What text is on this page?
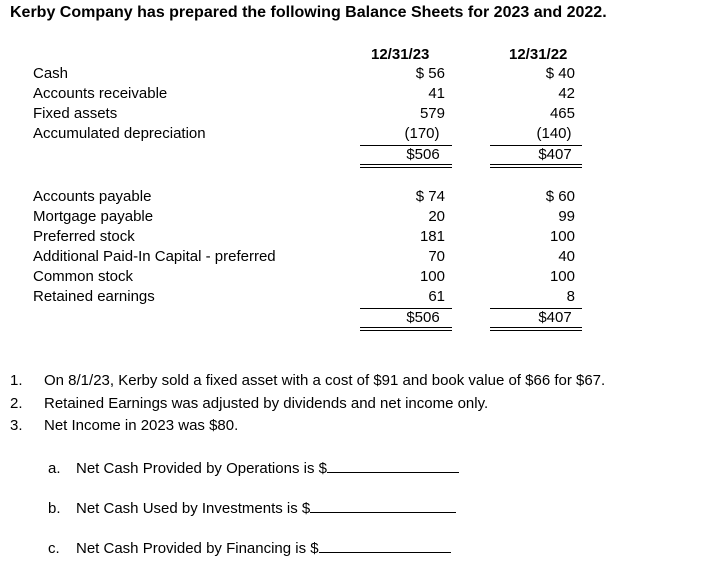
Kerby Company has prepared the following Balance Sheets for 2023 and 2022.
12/31/23	12/31/22
Cash
Accounts receivable
Fixed assets
Accumulated depreciation
$ 56
41
579
(170)
$506
$ 40
42
465
(140)
$407
Accounts payable
Mortgage payable
Preferred stock
Additional Paid-In Capital - preferred
Common stock
Retained earnings
$ 74
20
181
70
100
61
$506
$ 60
99
100
40
100
8
$407
1. On 8/1/23, Kerby sold a fixed asset with a cost of $91 and book value of $66 for $67.
2. Retained Earnings was adjusted by dividends and net income only.
3. Net Income in 2023 was $80.
a. Net Cash Provided by Operations is $
b. Net Cash Used by Investments is $
c. Net Cash Provided by Financing is $
